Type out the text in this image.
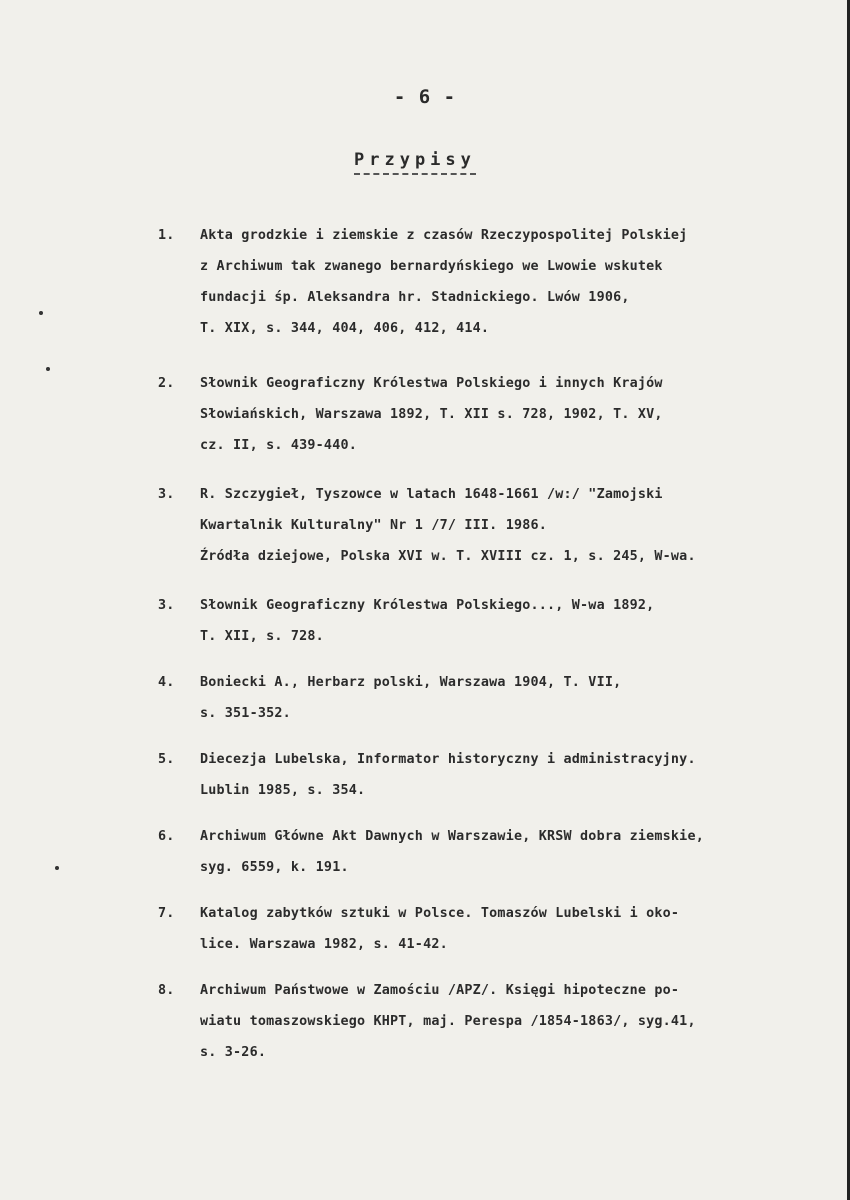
- 6 -
Przypisy
1. Akta grodzkie i ziemskie z czasów Rzeczypospolitej Polskiej
z Archiwum tak zwanego bernardyńskiego we Lwowie wskutek
fundacji śp. Aleksandra hr. Stadnickiego. Lwów 1906,
T. XIX, s. 344, 404, 406, 412, 414.
2. Słownik Geograficzny Królestwa Polskiego i innych Krajów
Słowiańskich, Warszawa 1892, T. XII s. 728, 1902, T. XV,
cz. II, s. 439-440.
3. R. Szczygieł, Tyszowce w latach 1648-1661 /w:/ "Zamojski
Kwartalnik Kulturalny" Nr 1 /7/ III. 1986.
Źródła dziejowe, Polska XVI w. T. XVIII cz. 1, s. 245, W-wa.
3. Słownik Geograficzny Królestwa Polskiego..., W-wa 1892,
T. XII, s. 728.
4. Boniecki A., Herbarz polski, Warszawa 1904, T. VII,
s. 351-352.
5. Diecezja Lubelska, Informator historyczny i administracyjny.
Lublin 1985, s. 354.
6. Archiwum Główne Akt Dawnych w Warszawie, KRSW dobra ziemskie,
syg. 6559, k. 191.
7. Katalog zabytków sztuki w Polsce. Tomaszów Lubelski i oko-
lice. Warszawa 1982, s. 41-42.
8. Archiwum Państwowe w Zamościu /APZ/. Księgi hipoteczne po-
wiatu tomaszowskiego KHPT, maj. Perespa /1854-1863/, syg.41,
s. 3-26.
